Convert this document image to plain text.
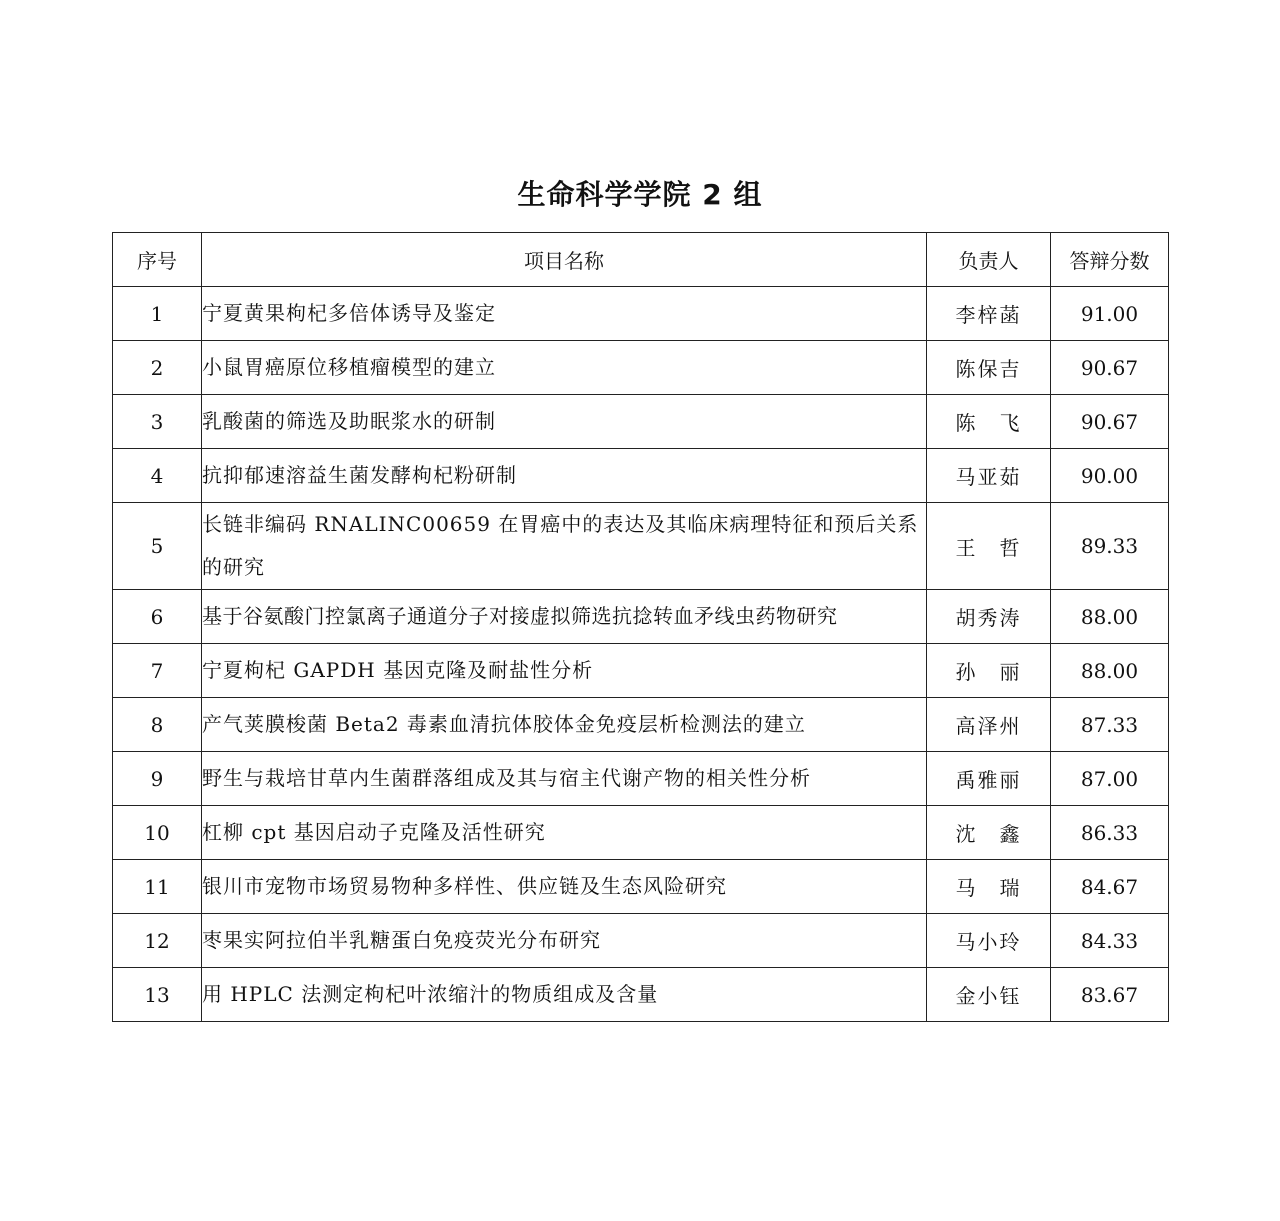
生命科学学院 2 组
序号	项目名称	负责人	答辩分数
1	宁夏黄果枸杞多倍体诱导及鉴定	李梓菡	91.00
2	小鼠胃癌原位移植瘤模型的建立	陈保吉	90.67
3	乳酸菌的筛选及助眠浆水的研制	陈　飞	90.67
4	抗抑郁速溶益生菌发酵枸杞粉研制	马亚茹	90.00
5	长链非编码 RNALINC00659 在胃癌中的表达及其临床病理特征和预后关系的研究	王　哲	89.33
6	基于谷氨酸门控氯离子通道分子对接虚拟筛选抗捻转血矛线虫药物研究	胡秀涛	88.00
7	宁夏枸杞 GAPDH 基因克隆及耐盐性分析	孙　丽	88.00
8	产气荚膜梭菌 Beta2 毒素血清抗体胶体金免疫层析检测法的建立	高泽州	87.33
9	野生与栽培甘草内生菌群落组成及其与宿主代谢产物的相关性分析	禹雅丽	87.00
10	杠柳 cpt 基因启动子克隆及活性研究	沈　鑫	86.33
11	银川市宠物市场贸易物种多样性、供应链及生态风险研究	马　瑞	84.67
12	枣果实阿拉伯半乳糖蛋白免疫荧光分布研究	马小玲	84.33
13	用 HPLC 法测定枸杞叶浓缩汁的物质组成及含量	金小钰	83.67
